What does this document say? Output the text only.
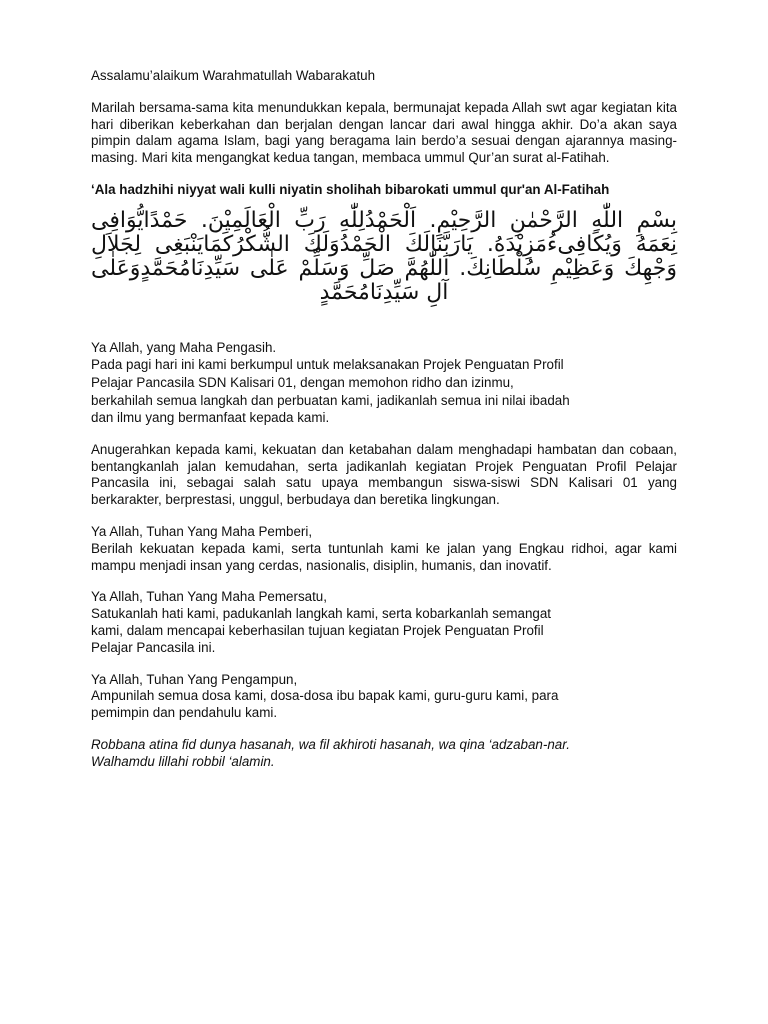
Assalamu’alaikum Warahmatullah Wabarakatuh

Marilah bersama-sama kita menundukkan kepala, bermunajat kepada Allah swt agar kegiatan kita hari diberikan keberkahan dan berjalan dengan lancar dari awal hingga akhir. Do’a akan saya pimpin dalam agama Islam, bagi yang beragama lain berdo’a sesuai dengan ajarannya masing-masing. Mari kita mengangkat kedua tangan, membaca ummul Qur’an surat al-Fatihah.

‘Ala hadzhihi niyyat wali kulli niyatin sholihah bibarokati ummul qur'an Al-Fatihah

بِسْمِ اللّٰهِ الرَّحْمٰنِ الرَّحِيْمِ. اَلْحَمْدُلِلّٰهِ رَبِّ الْعَالَمِيْنَ. حَمْدًايُّوَافِى نِعَمَهُ وَيُكَافِىءُمَزِيْدَهُ. يَارَبَّنَالَكَ الْحَمْدُوَلَكَ الشُّكْرُكَمَايَنْبَغِى لِجَلاَلِ وَجْهِكَ وَعَظِيْمِ سُلْطَانِكَ. اَللّٰهُمَّ صَلِّ وَسَلِّمْ عَلٰى سَيِّدِنَامُحَمَّدٍوَعَلٰى آلِ سَيِّدِنَامُحَمَّدٍ

Ya Allah, yang Maha Pengasih.

Pada pagi hari ini kami berkumpul untuk melaksanakan Projek Penguatan Profil

Pelajar Pancasila SDN Kalisari 01, dengan memohon ridho dan izinmu,

berkahilah semua langkah dan perbuatan kami, jadikanlah semua ini nilai ibadah

dan ilmu yang bermanfaat kepada kami.

Anugerahkan kepada kami, kekuatan dan ketabahan dalam menghadapi hambatan dan cobaan, bentangkanlah jalan kemudahan, serta jadikanlah kegiatan Projek Penguatan Profil Pelajar Pancasila ini, sebagai salah satu upaya membangun siswa-siswi SDN Kalisari 01 yang berkarakter, berprestasi, unggul, berbudaya dan beretika lingkungan.

Ya Allah, Tuhan Yang Maha Pemberi,

Berilah kekuatan kepada kami, serta tuntunlah kami ke jalan yang Engkau ridhoi, agar kami mampu menjadi insan yang cerdas, nasionalis, disiplin, humanis, dan inovatif.

Ya Allah, Tuhan Yang Maha Pemersatu,

Satukanlah hati kami, padukanlah langkah kami, serta kobarkanlah semangat

kami, dalam mencapai keberhasilan tujuan kegiatan Projek Penguatan Profil

Pelajar Pancasila ini.

Ya Allah, Tuhan Yang Pengampun,

Ampunilah semua dosa kami, dosa-dosa ibu bapak kami, guru-guru kami, para

pemimpin dan pendahulu kami.

Robbana atina fid dunya hasanah, wa fil akhiroti hasanah, wa qina ‘adzaban-nar.

Walhamdu lillahi robbil ‘alamin.
